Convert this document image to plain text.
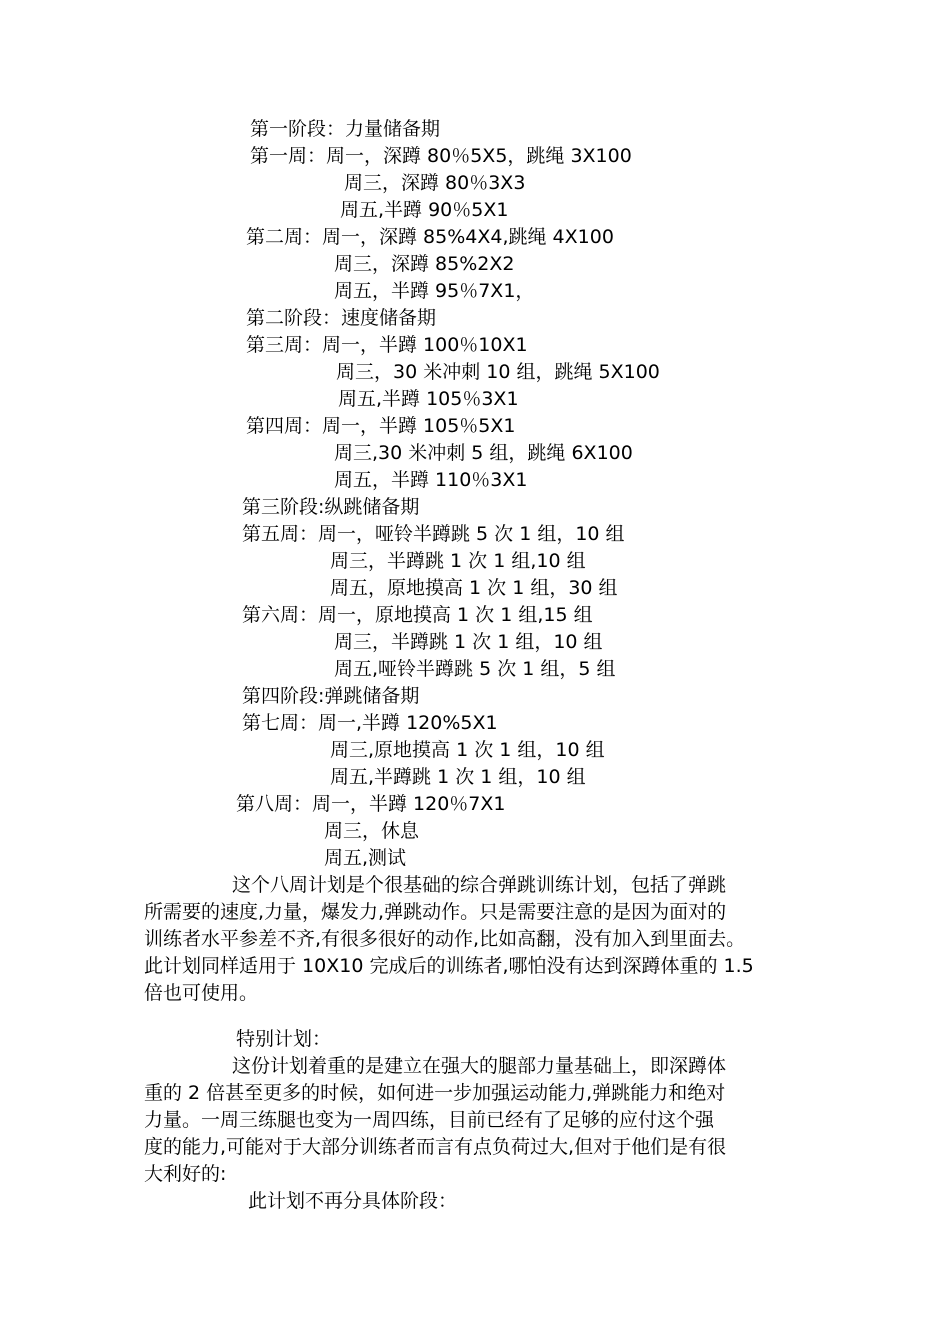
第一阶段：力量储备期
第一周：周一，深蹲 80％5X5，跳绳 3X100
周三，深蹲 80％3X3
周五,半蹲 90％5X1
第二周：周一，深蹲 85%4X4,跳绳 4X100
周三，深蹲 85%2X2
周五，半蹲 95％7X1，
第二阶段：速度储备期
第三周：周一，半蹲 100％10X1
周三，30 米冲刺 10 组，跳绳 5X100
周五,半蹲 105％3X1
第四周：周一，半蹲 105％5X1
周三,30 米冲刺 5 组，跳绳 6X100
周五，半蹲 110％3X1
第三阶段:纵跳储备期
第五周：周一，哑铃半蹲跳 5 次 1 组，10 组
周三，半蹲跳 1 次 1 组,10 组
周五，原地摸高 1 次 1 组，30 组
第六周：周一，原地摸高 1 次 1 组,15 组
周三，半蹲跳 1 次 1 组，10 组
周五,哑铃半蹲跳 5 次 1 组，5 组
第四阶段:弹跳储备期
第七周：周一,半蹲 120%5X1
周三,原地摸高 1 次 1 组，10 组
周五,半蹲跳 1 次 1 组，10 组
第八周：周一，半蹲 120％7X1
周三，休息
周五,测试
这个八周计划是个很基础的综合弹跳训练计划，包括了弹跳
所需要的速度,力量，爆发力,弹跳动作。只是需要注意的是因为面对的
训练者水平参差不齐,有很多很好的动作,比如高翻，没有加入到里面去。
此计划同样适用于 10X10 完成后的训练者,哪怕没有达到深蹲体重的 1.5
倍也可使用。
特别计划：
这份计划着重的是建立在强大的腿部力量基础上，即深蹲体
重的 2 倍甚至更多的时候，如何进一步加强运动能力,弹跳能力和绝对
力量。一周三练腿也变为一周四练，目前已经有了足够的应付这个强
度的能力,可能对于大部分训练者而言有点负荷过大,但对于他们是有很
大利好的:
此计划不再分具体阶段：
